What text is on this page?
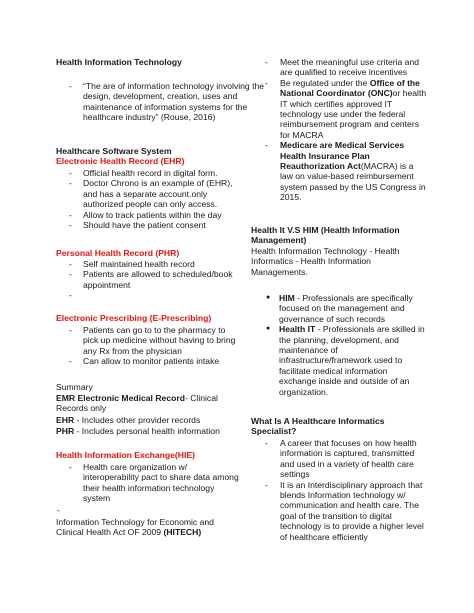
Health Information Technology

- “The are of information technology involving the design, development, creation, uses and maintenance of information systems for the healthcare industry” (Rouse, 2016)

Healthcare Software System

Electronic Health Record (EHR)

- Official health record in digital form.
- Doctor Chrono is an example of (EHR), and has a separate account.only authorized people can only access.
- Allow to track patients within the day
- Should have the patient consent

Personal Health Record (PHR)

- Self maintained health record
- Patients are allowed to scheduled/book appointment
-

Electronic Prescribing (E-Prescribing)

- Patients can go to to the pharmacy to pick up medicine without having to bring any Rx from the physician
- Can allow to monitor patients intake

Summary

EMR Electronic Medical Record- Clinical Records only

EHR - Includes other provider records

PHR - Includes personal health information

Health Information Exchange(HIE)

- Health care organization w/ interoperability pact to share data among their health information technology system
-

Information Technology for Economic and Clinical Health Act OF 2009 (HITECH)

- Meet the meaningful use criteria and are qualified to receive incentives
- Be regulated under the Office of the National Coordinator (ONC)or health IT which certifies approved IT technology use under the federal reimbursement program and centers for MACRA
- Medicare are Medical Services Health Insurance Plan Reauthorization Act(MACRA) is a law on value-based reimbursement system passed by the US Congress in 2015.

Health It V.S HIM (Health Information Management)

Health Information Technology - Health Informatics - Health Information Managements.

● HIM - Professionals are specifically focused on the management and governance of such records
● Health IT - Professionals are skilled in the planning, development, and maintenance of infrastructure/framework used to facilitate medical information exchange inside and outside of an organization.

What Is A Healthcare Informatics Specialist?

- A career that focuses on how health information is captured, transmitted and used in a variety of health care settings
- It is an Interdisciplinary approach that blends Information technology w/ communication and health care. The goal of the transition to digital technology is to provide a higher level of healthcare efficiently
